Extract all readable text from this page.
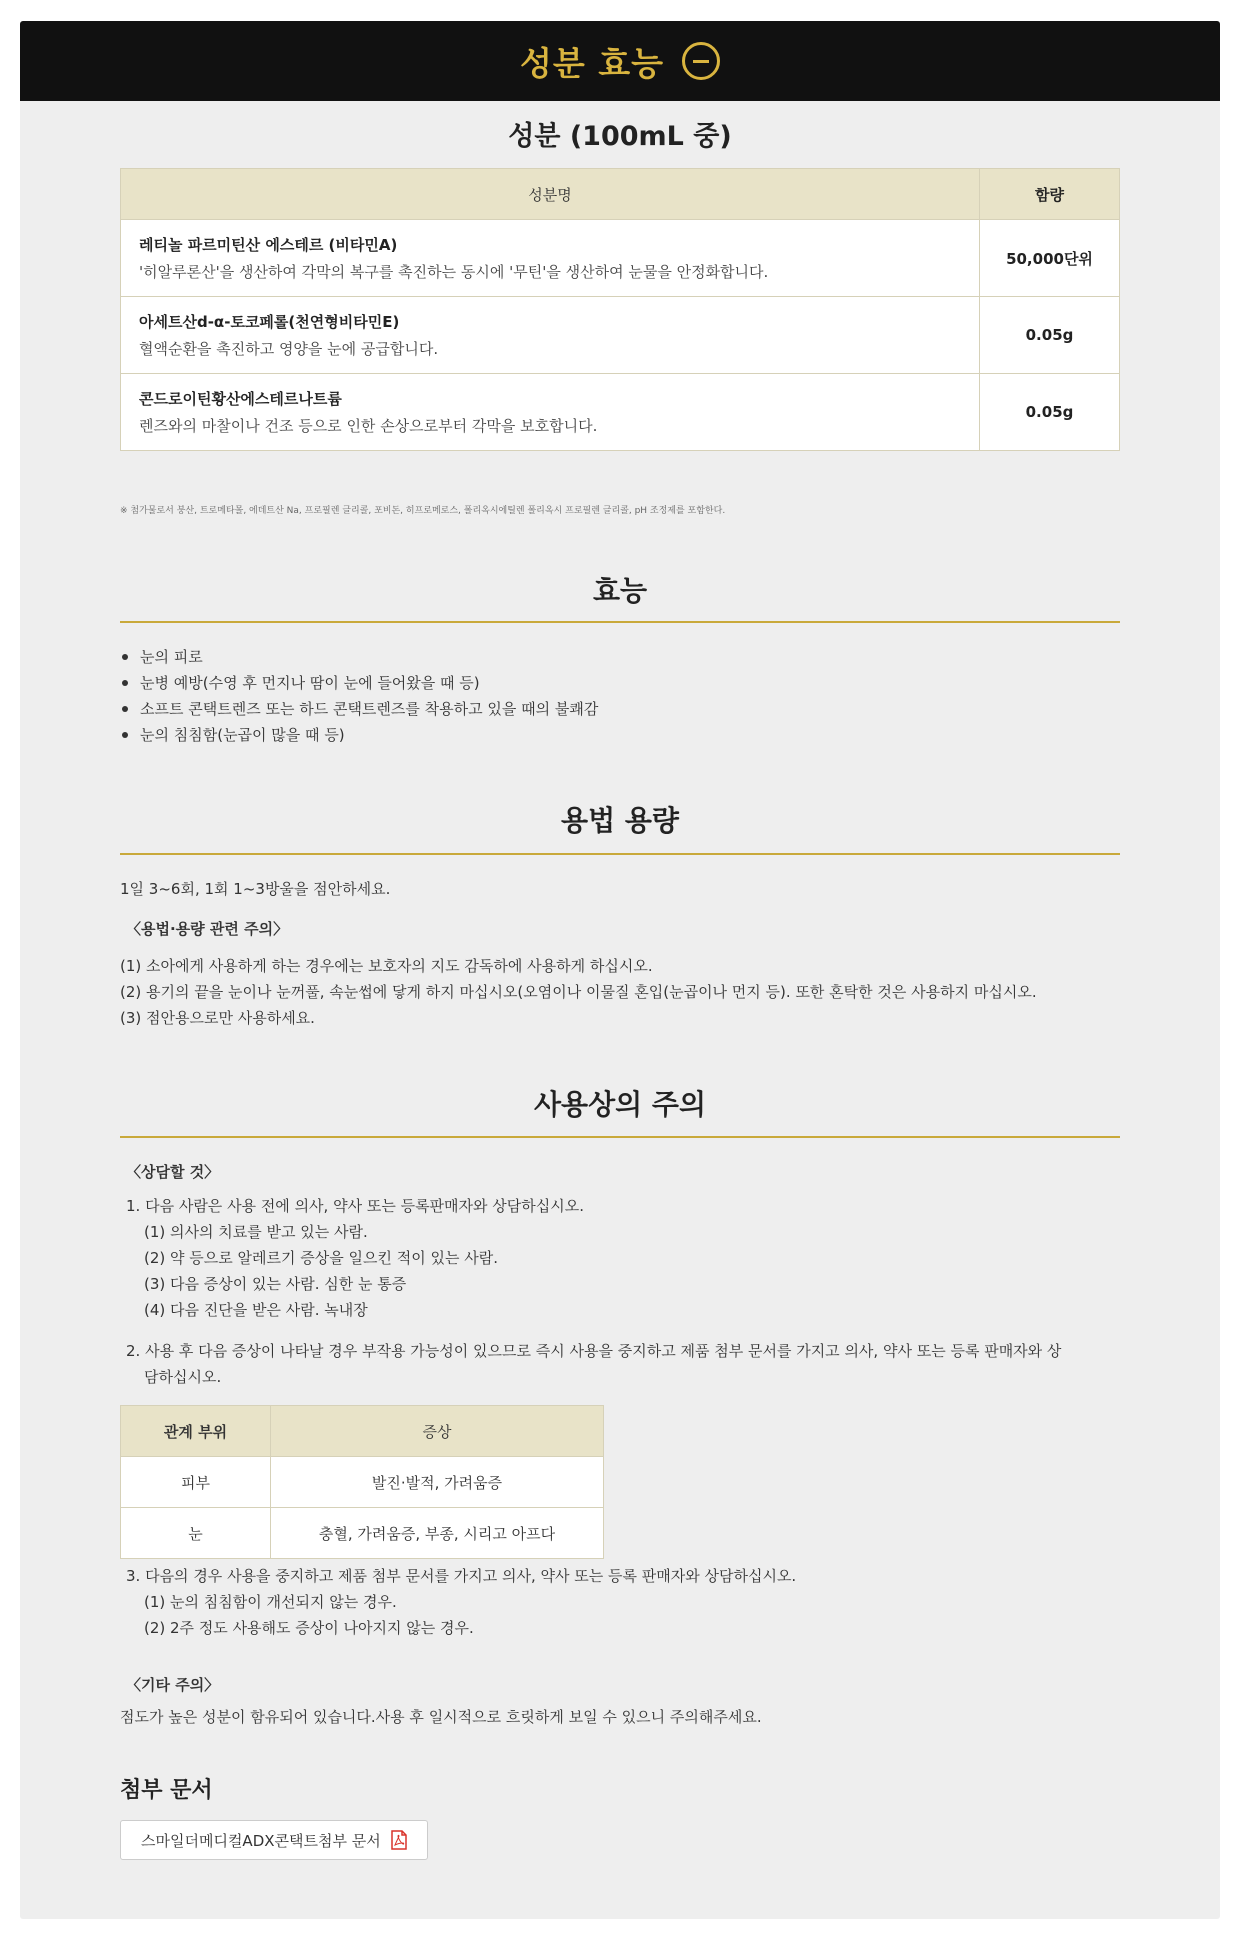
성분 효능
성분 (100mL 중)
성분명	함량

레티놀 파르미틴산 에스테르 (비타민A)
'히알루론산'을 생산하여 각막의 복구를 촉진하는 동시에 '무틴'을 생산하여 눈물을 안정화합니다.	50,000단위

아세트산d-α-토코페롤(천연형비타민E)
혈액순환을 촉진하고 영양을 눈에 공급합니다.	0.05g

콘드로이틴황산에스테르나트륨
렌즈와의 마찰이나 건조 등으로 인한 손상으로부터 각막을 보호합니다.	0.05g
※ 첨가물로서 붕산, 트로메타몰, 에데트산 Na, 프로필렌 글리콜, 포비돈, 히프로메로스, 폴리옥시에틸렌 폴리옥시 프로필렌 글리콜, pH 조정제를 포함한다.
효능
눈의 피로
눈병 예방(수영 후 먼지나 땀이 눈에 들어왔을 때 등)
소프트 콘택트렌즈 또는 하드 콘택트렌즈를 착용하고 있을 때의 불쾌감
눈의 침침함(눈곱이 많을 때 등)
용법 용량
1일 3~6회, 1회 1~3방울을 점안하세요.
〈용법·용량 관련 주의〉
(1) 소아에게 사용하게 하는 경우에는 보호자의 지도 감독하에 사용하게 하십시오.
(2) 용기의 끝을 눈이나 눈꺼풀, 속눈썹에 닿게 하지 마십시오(오염이나 이물질 혼입(눈곱이나 먼지 등). 또한 혼탁한 것은 사용하지 마십시오.
(3) 점안용으로만 사용하세요.
사용상의 주의
〈상담할 것〉
1. 다음 사람은 사용 전에 의사, 약사 또는 등록판매자와 상담하십시오.
(1) 의사의 치료를 받고 있는 사람.
(2) 약 등으로 알레르기 증상을 일으킨 적이 있는 사람.
(3) 다음 증상이 있는 사람. 심한 눈 통증
(4) 다음 진단을 받은 사람. 녹내장
2. 사용 후 다음 증상이 나타날 경우 부작용 가능성이 있으므로 즉시 사용을 중지하고 제품 첨부 문서를 가지고 의사, 약사 또는 등록 판매자와 상
담하십시오.
관계 부위	증상
피부	발진·발적, 가려움증
눈	충혈, 가려움증, 부종, 시리고 아프다
3. 다음의 경우 사용을 중지하고 제품 첨부 문서를 가지고 의사, 약사 또는 등록 판매자와 상담하십시오.
(1) 눈의 침침함이 개선되지 않는 경우.
(2) 2주 정도 사용해도 증상이 나아지지 않는 경우.
〈기타 주의〉
점도가 높은 성분이 함유되어 있습니다.사용 후 일시적으로 흐릿하게 보일 수 있으니 주의해주세요.
첨부 문서
스마일더메디컬ADX콘택트첨부 문서
